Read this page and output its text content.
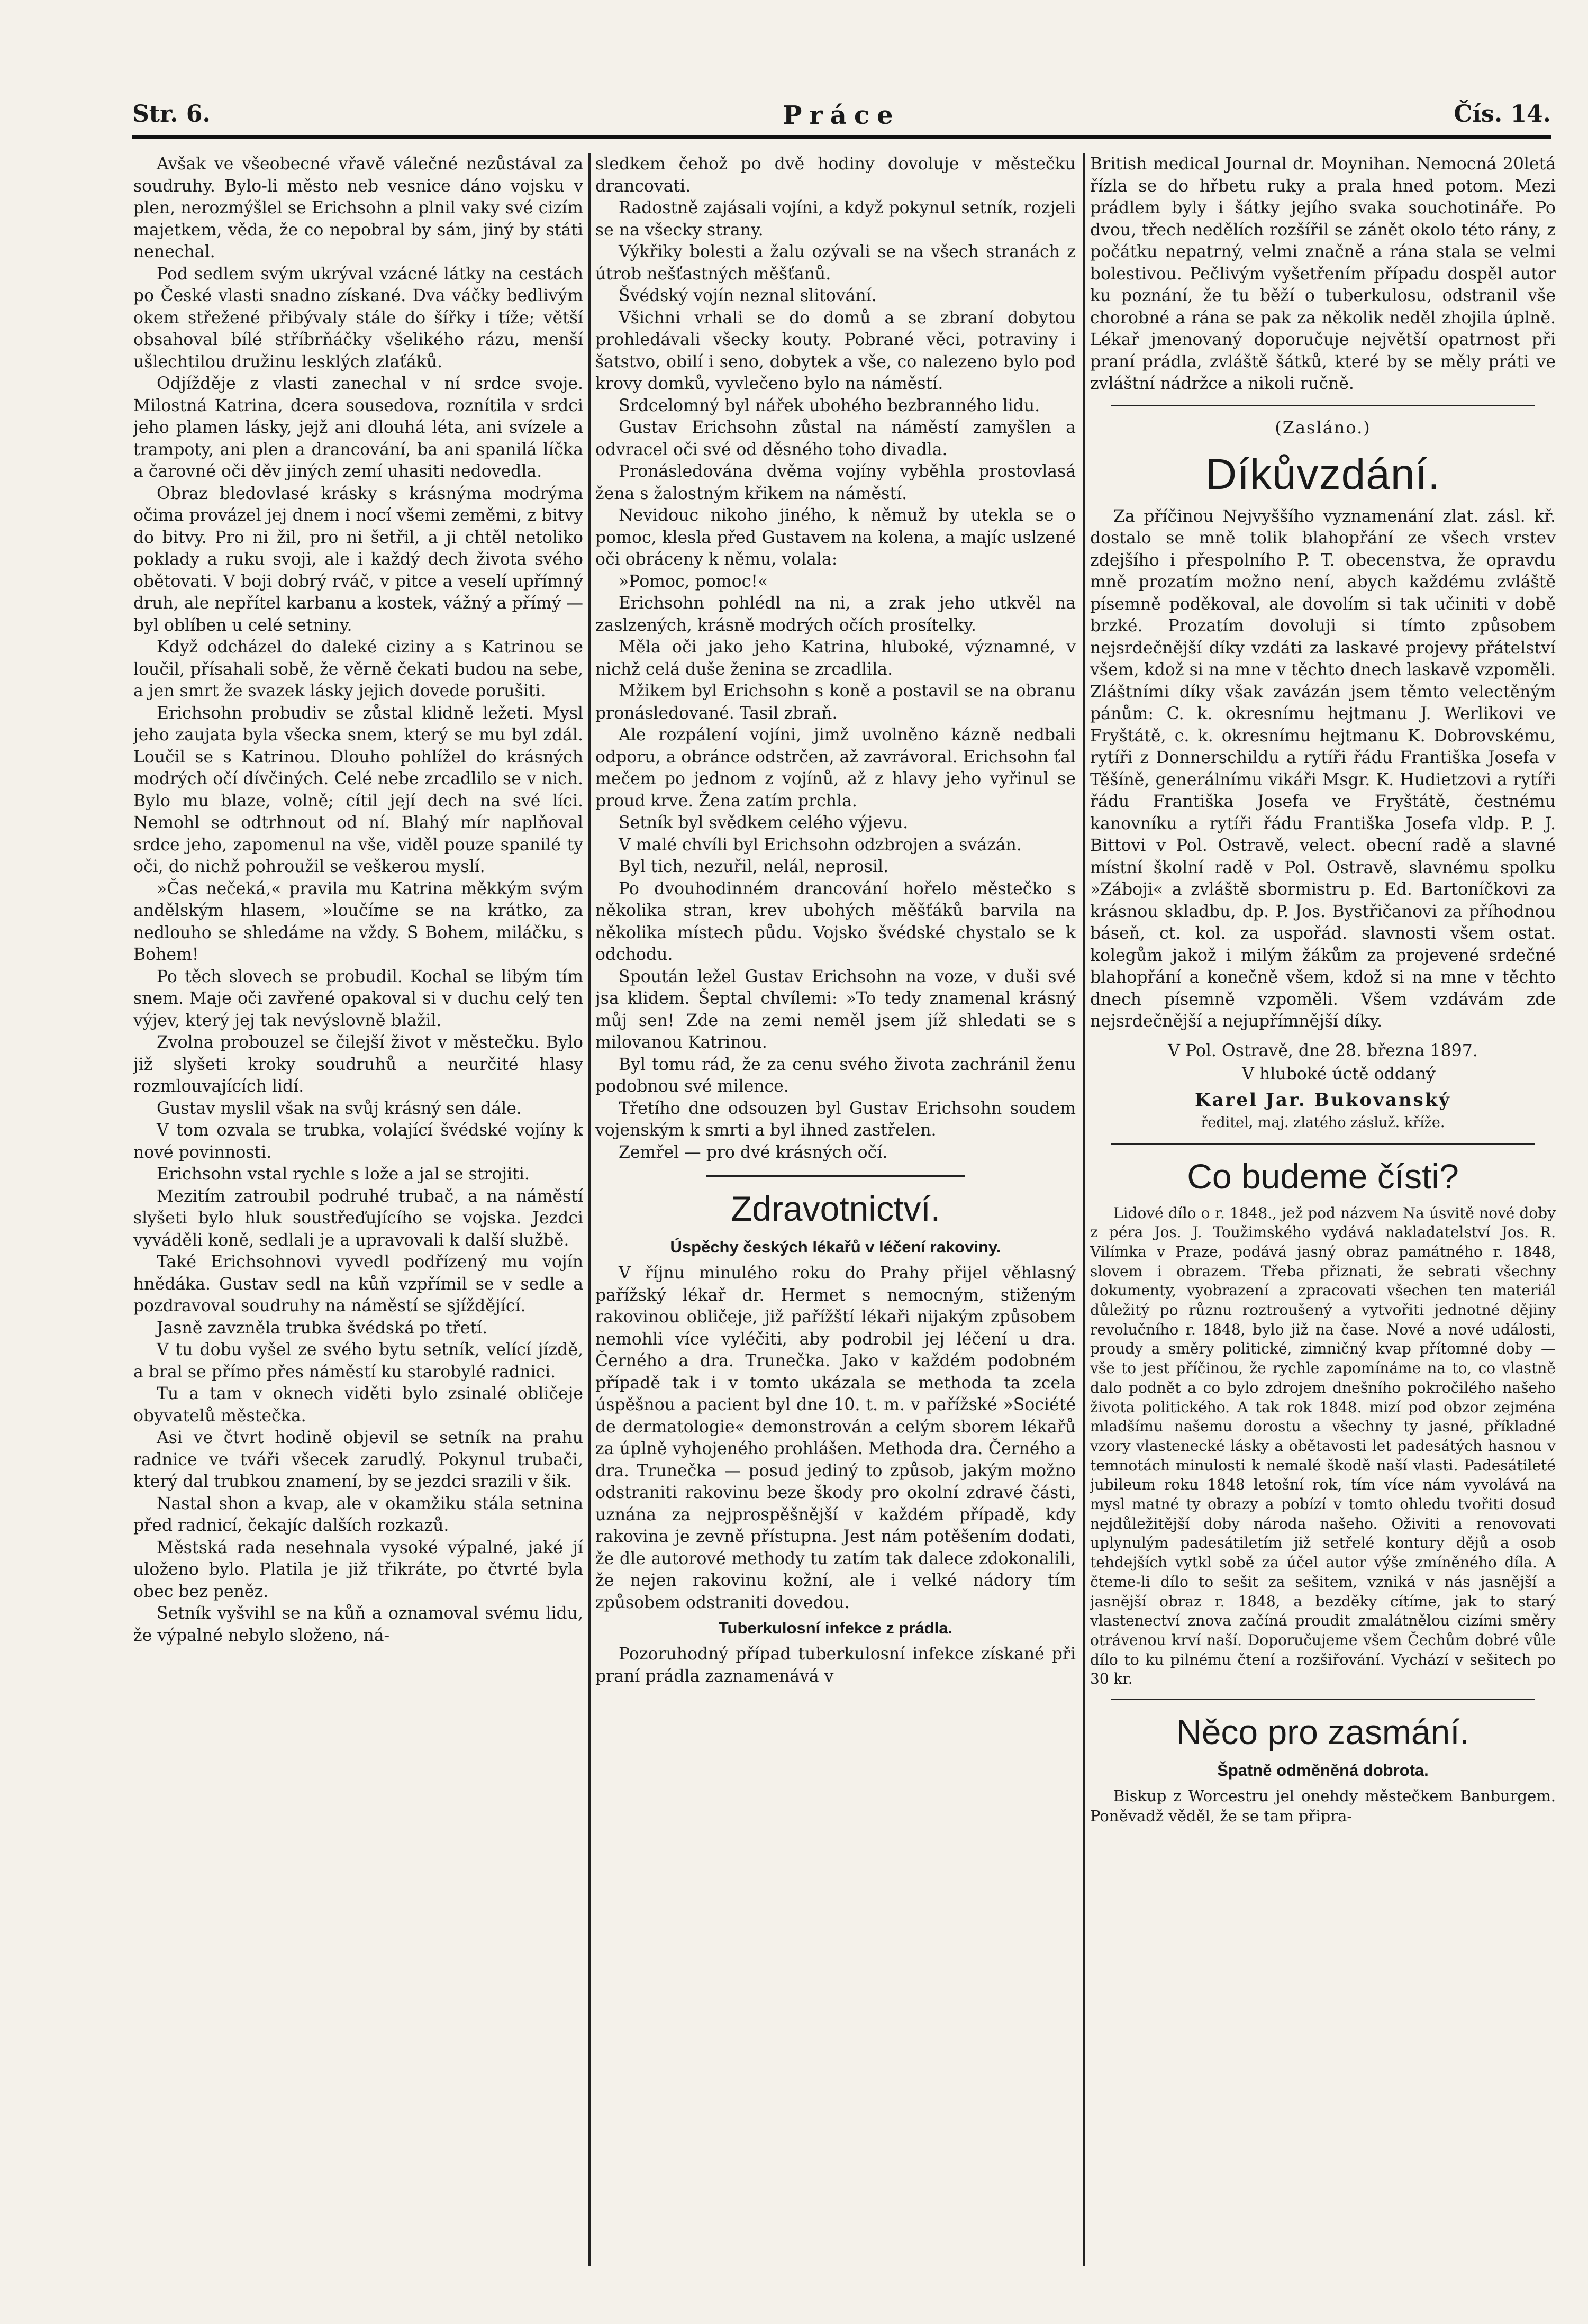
Str. 6.	Práce	Čís. 14.

Avšak ve všeobecné vřavě válečné nezůstával za soudruhy. Bylo-li město neb vesnice dáno vojsku v plen, nerozmýšlel se Erichsohn a plnil vaky své cizím majetkem, věda, že co nepobral by sám, jiný by státi nenechal.

Pod sedlem svým ukrýval vzácné látky na cestách po České vlasti snadno získané. Dva váčky bedlivým okem střežené přibývaly stále do šířky i tíže; větší obsahoval bílé stříbrňáčky všelikého rázu, menší ušlechtilou družinu lesklých zlaťáků.

Odjížděje z vlasti zanechal v ní srdce svoje. Milostná Katrina, dcera sousedova, roznítila v srdci jeho plamen lásky, jejž ani dlouhá léta, ani svízele a trampoty, ani plen a drancování, ba ani spanilá líčka a čarovné oči děv jiných zemí uhasiti nedovedla.

Obraz bledovlasé krásky s krásnýma modrýma očima provázel jej dnem i nocí všemi zeměmi, z bitvy do bitvy. Pro ni žil, pro ni šetřil, a ji chtěl netoliko poklady a ruku svoji, ale i každý dech života svého obětovati. V boji dobrý rváč, v pitce a veselí upřímný druh, ale nepřítel karbanu a kostek, vážný a přímý — byl oblíben u celé setniny.

Když odcházel do daleké ciziny a s Katrinou se loučil, přísahali sobě, že věrně čekati budou na sebe, a jen smrt že svazek lásky jejich dovede porušiti.

Erichsohn probudiv se zůstal klidně ležeti. Mysl jeho zaujata byla všecka snem, který se mu byl zdál. Loučil se s Katrinou. Dlouho pohlížel do krásných modrých očí dívčiných. Celé nebe zrcadlilo se v nich. Bylo mu blaze, volně; cítil její dech na své líci. Nemohl se odtrhnout od ní. Blahý mír naplňoval srdce jeho, zapomenul na vše, viděl pouze spanilé ty oči, do nichž pohroužil se veškerou myslí.

»Čas nečeká,« pravila mu Katrina měkkým svým andělským hlasem, »loučíme se na krátko, za nedlouho se shledáme na vždy. S Bohem, miláčku, s Bohem!

Po těch slovech se probudil. Kochal se libým tím snem. Maje oči zavřené opakoval si v duchu celý ten výjev, který jej tak nevýslovně blažil.

Zvolna probouzel se čilejší život v městečku. Bylo již slyšeti kroky soudruhů a neurčité hlasy rozmlouvajících lidí.

Gustav myslil však na svůj krásný sen dále.

V tom ozvala se trubka, volající švédské vojíny k nové povinnosti.

Erichsohn vstal rychle s lože a jal se strojiti.

Mezitím zatroubil podruhé trubač, a na náměstí slyšeti bylo hluk soustřeďujícího se vojska. Jezdci vyváděli koně, sedlali je a upravovali k další službě.

Také Erichsohnovi vyvedl podřízený mu vojín hnědáka. Gustav sedl na kůň vzpřímil se v sedle a pozdravoval soudruhy na náměstí se sjíždějící.

Jasně zavzněla trubka švédská po třetí.

V tu dobu vyšel ze svého bytu setník, velící jízdě, a bral se přímo přes náměstí ku starobylé radnici.

Tu a tam v oknech viděti bylo zsinalé obličeje obyvatelů městečka.

Asi ve čtvrt hodině objevil se setník na prahu radnice ve tváři všecek zarudlý. Pokynul trubači, který dal trubkou znamení, by se jezdci srazili v šik.

Nastal shon a kvap, ale v okamžiku stála setnina před radnicí, čekajíc dalších rozkazů.

Městská rada nesehnala vysoké výpalné, jaké jí uloženo bylo. Platila je již třikráte, po čtvrté byla obec bez peněz.

Setník vyšvihl se na kůň a oznamoval svému lidu, že výpalné nebylo složeno, ná-

sledkem čehož po dvě hodiny dovoluje v městečku drancovati.

Radostně zajásali vojíni, a když pokynul setník, rozjeli se na všecky strany.

Výkřiky bolesti a žalu ozývali se na všech stranách z útrob nešťastných měšťanů.

Švédský vojín neznal slitování.

Všichni vrhali se do domů a se zbraní dobytou prohledávali všecky kouty. Pobrané věci, potraviny i šatstvo, obilí i seno, dobytek a vše, co nalezeno bylo pod krovy domků, vyvlečeno bylo na náměstí.

Srdcelomný byl nářek ubohého bezbranného lidu.

Gustav Erichsohn zůstal na náměstí zamyšlen a odvracel oči své od děsného toho divadla.

Pronásledována dvěma vojíny vyběhla prostovlasá žena s žalostným křikem na náměstí.

Nevidouc nikoho jiného, k němuž by utekla se o pomoc, klesla před Gustavem na kolena, a majíc uslzené oči obráceny k němu, volala:

»Pomoc, pomoc!«

Erichsohn pohlédl na ni, a zrak jeho utkvěl na zaslzených, krásně modrých očích prosítelky.

Měla oči jako jeho Katrina, hluboké, významné, v nichž celá duše ženina se zrcadlila.

Mžikem byl Erichsohn s koně a postavil se na obranu pronásledované. Tasil zbraň.

Ale rozpálení vojíni, jimž uvolněno kázně nedbali odporu, a obránce odstrčen, až zavrávoral. Erichsohn ťal mečem po jednom z vojínů, až z hlavy jeho vyřinul se proud krve. Žena zatím prchla.

Setník byl svědkem celého výjevu.

V malé chvíli byl Erichsohn odzbrojen a svázán.

Byl tich, nezuřil, nelál, neprosil.

Po dvouhodinném drancování hořelo městečko s několika stran, krev ubohých měšťáků barvila na několika místech půdu. Vojsko švédské chystalo se k odchodu.

Spoután ležel Gustav Erichsohn na voze, v duši své jsa klidem. Šeptal chvílemi: »To tedy znamenal krásný můj sen! Zde na zemi neměl jsem jíž shledati se s milovanou Katrinou.

Byl tomu rád, že za cenu svého života zachránil ženu podobnou své milence.

Třetího dne odsouzen byl Gustav Erichsohn soudem vojenským k smrti a byl ihned zastřelen.

Zemřel — pro dvé krásných očí.

Zdravotnictví.
Úspěchy českých lékařů v léčení rakoviny.

V říjnu minulého roku do Prahy přijel věhlasný pařížský lékař dr. Hermet s nemocným, stiženým rakovinou obličeje, již pařížští lékaři nijakým způsobem nemohli více vyléčiti, aby podrobil jej léčení u dra. Černého a dra. Trunečka. Jako v každém podobném případě tak i v tomto ukázala se methoda ta zcela úspěšnou a pacient byl dne 10. t. m. v pařížské »Société de dermatologie« demonstrován a celým sborem lékařů za úplně vyhojeného prohlášen. Methoda dra. Černého a dra. Trunečka — posud jediný to způsob, jakým možno odstraniti rakovinu beze škody pro okolní zdravé části, uznána za nejprospěšnější v každém případě, kdy rakovina je zevně přístupna. Jest nám potěšením dodati, že dle autorové methody tu zatím tak dalece zdokonalili, že nejen rakovinu kožní, ale i velké nádory tím způsobem odstraniti dovedou.

Tuberkulosní infekce z prádla.

Pozoruhodný případ tuberkulosní infekce získané při praní prádla zaznamenává v

British medical Journal dr. Moynihan. Nemocná 20letá řízla se do hřbetu ruky a prala hned potom. Mezi prádlem byly i šátky jejího svaka souchotináře. Po dvou, třech nedělích rozšířil se zánět okolo této rány, z počátku nepatrný, velmi značně a rána stala se velmi bolestivou. Pečlivým vyšetřením případu dospěl autor ku poznání, že tu běží o tuberkulosu, odstranil vše chorobné a rána se pak za několik neděl zhojila úplně. Lékař jmenovaný doporučuje největší opatrnost při praní prádla, zvláště šátků, které by se měly práti ve zvláštní nádržce a nikoli ručně.

(Zasláno.)
Díkůvzdání.

Za příčinou Nejvyššího vyznamenání zlat. zásl. kř. dostalo se mně tolik blahopřání ze všech vrstev zdejšího i přespolního P. T. obecenstva, že opravdu mně prozatím možno není, abych každému zvláště písemně poděkoval, ale dovolím si tak učiniti v době brzké. Prozatím dovoluji si tímto způsobem nejsrdečnější díky vzdáti za laskavé projevy přátelství všem, kdož si na mne v těchto dnech laskavě vzpoměli. Zláštními díky však zavázán jsem těmto velectěným pánům: C. k. okresnímu hejtmanu J. Werlikovi ve Fryštátě, c. k. okresnímu hejtmanu K. Dobrovskému, rytíři z Donnerschildu a rytíři řádu Františka Josefa v Těšíně, generálnímu vikáři Msgr. K. Hudietzovi a rytíři řádu Františka Josefa ve Fryštátě, čestnému kanovníku a rytíři řádu Františka Josefa vldp. P. J. Bittovi v Pol. Ostravě, velect. obecní radě a slavné místní školní radě v Pol. Ostravě, slavnému spolku »Záboji« a zvláště sbormistru p. Ed. Bartoníčkovi za krásnou skladbu, dp. P. Jos. Bystřičanovi za příhodnou báseň, ct. kol. za uspořád. slavnosti všem ostat. kolegům jakož i milým žákům za projevené srdečné blahopřání a konečně všem, kdož si na mne v těchto dnech písemně vzpoměli. Všem vzdávám zde nejsrdečnější a nejupřímnější díky.

V Pol. Ostravě, dne 28. března 1897.
V hluboké úctě oddaný
Karel Jar. Bukovanský
ředitel, maj. zlatého zásluž. kříže.
Co budeme čísti?

Lidové dílo o r. 1848., jež pod názvem Na úsvitě nové doby z péra Jos. J. Toužimského vydává nakladatelství Jos. R. Vilímka v Praze, podává jasný obraz památného r. 1848, slovem i obrazem. Třeba přiznati, že sebrati všechny dokumenty, vyobrazení a zpracovati všechen ten materiál důležitý po různu roztroušený a vytvořiti jednotné dějiny revolučního r. 1848, bylo již na čase. Nové a nové události, proudy a směry politické, zimničný kvap přítomné doby — vše to jest příčinou, že rychle zapomínáme na to, co vlastně dalo podnět a co bylo zdrojem dnešního pokročilého našeho života politického. A tak rok 1848. mizí pod obzor zejména mladšímu našemu dorostu a všechny ty jasné, příkladné vzory vlastenecké lásky a obětavosti let padesátých hasnou v temnotách minulosti k nemalé škodě naší vlasti. Padesátileté jubileum roku 1848 letošní rok, tím více nám vyvolává na mysl matné ty obrazy a pobízí v tomto ohledu tvořiti dosud nejdůležitější doby národa našeho. Oživiti a renovovati uplynulým padesátiletím již setřelé kontury dějů a osob tehdejších vytkl sobě za účel autor výše zmíněného díla. A čteme-li dílo to sešit za sešitem, vzniká v nás jasnější a jasnější obraz r. 1848, a bezděky cítíme, jak to starý vlastenectví znova začíná proudit zmalátnělou cizími směry otrávenou krví naší. Doporučujeme všem Čechům dobré vůle dílo to ku pilnému čtení a rozšiřování. Vychází v sešitech po 30 kr.

Něco pro zasmání.
Špatně odměněná dobrota.

Biskup z Worcestru jel onehdy městečkem Banburgem. Poněvadž věděl, že se tam připra-
